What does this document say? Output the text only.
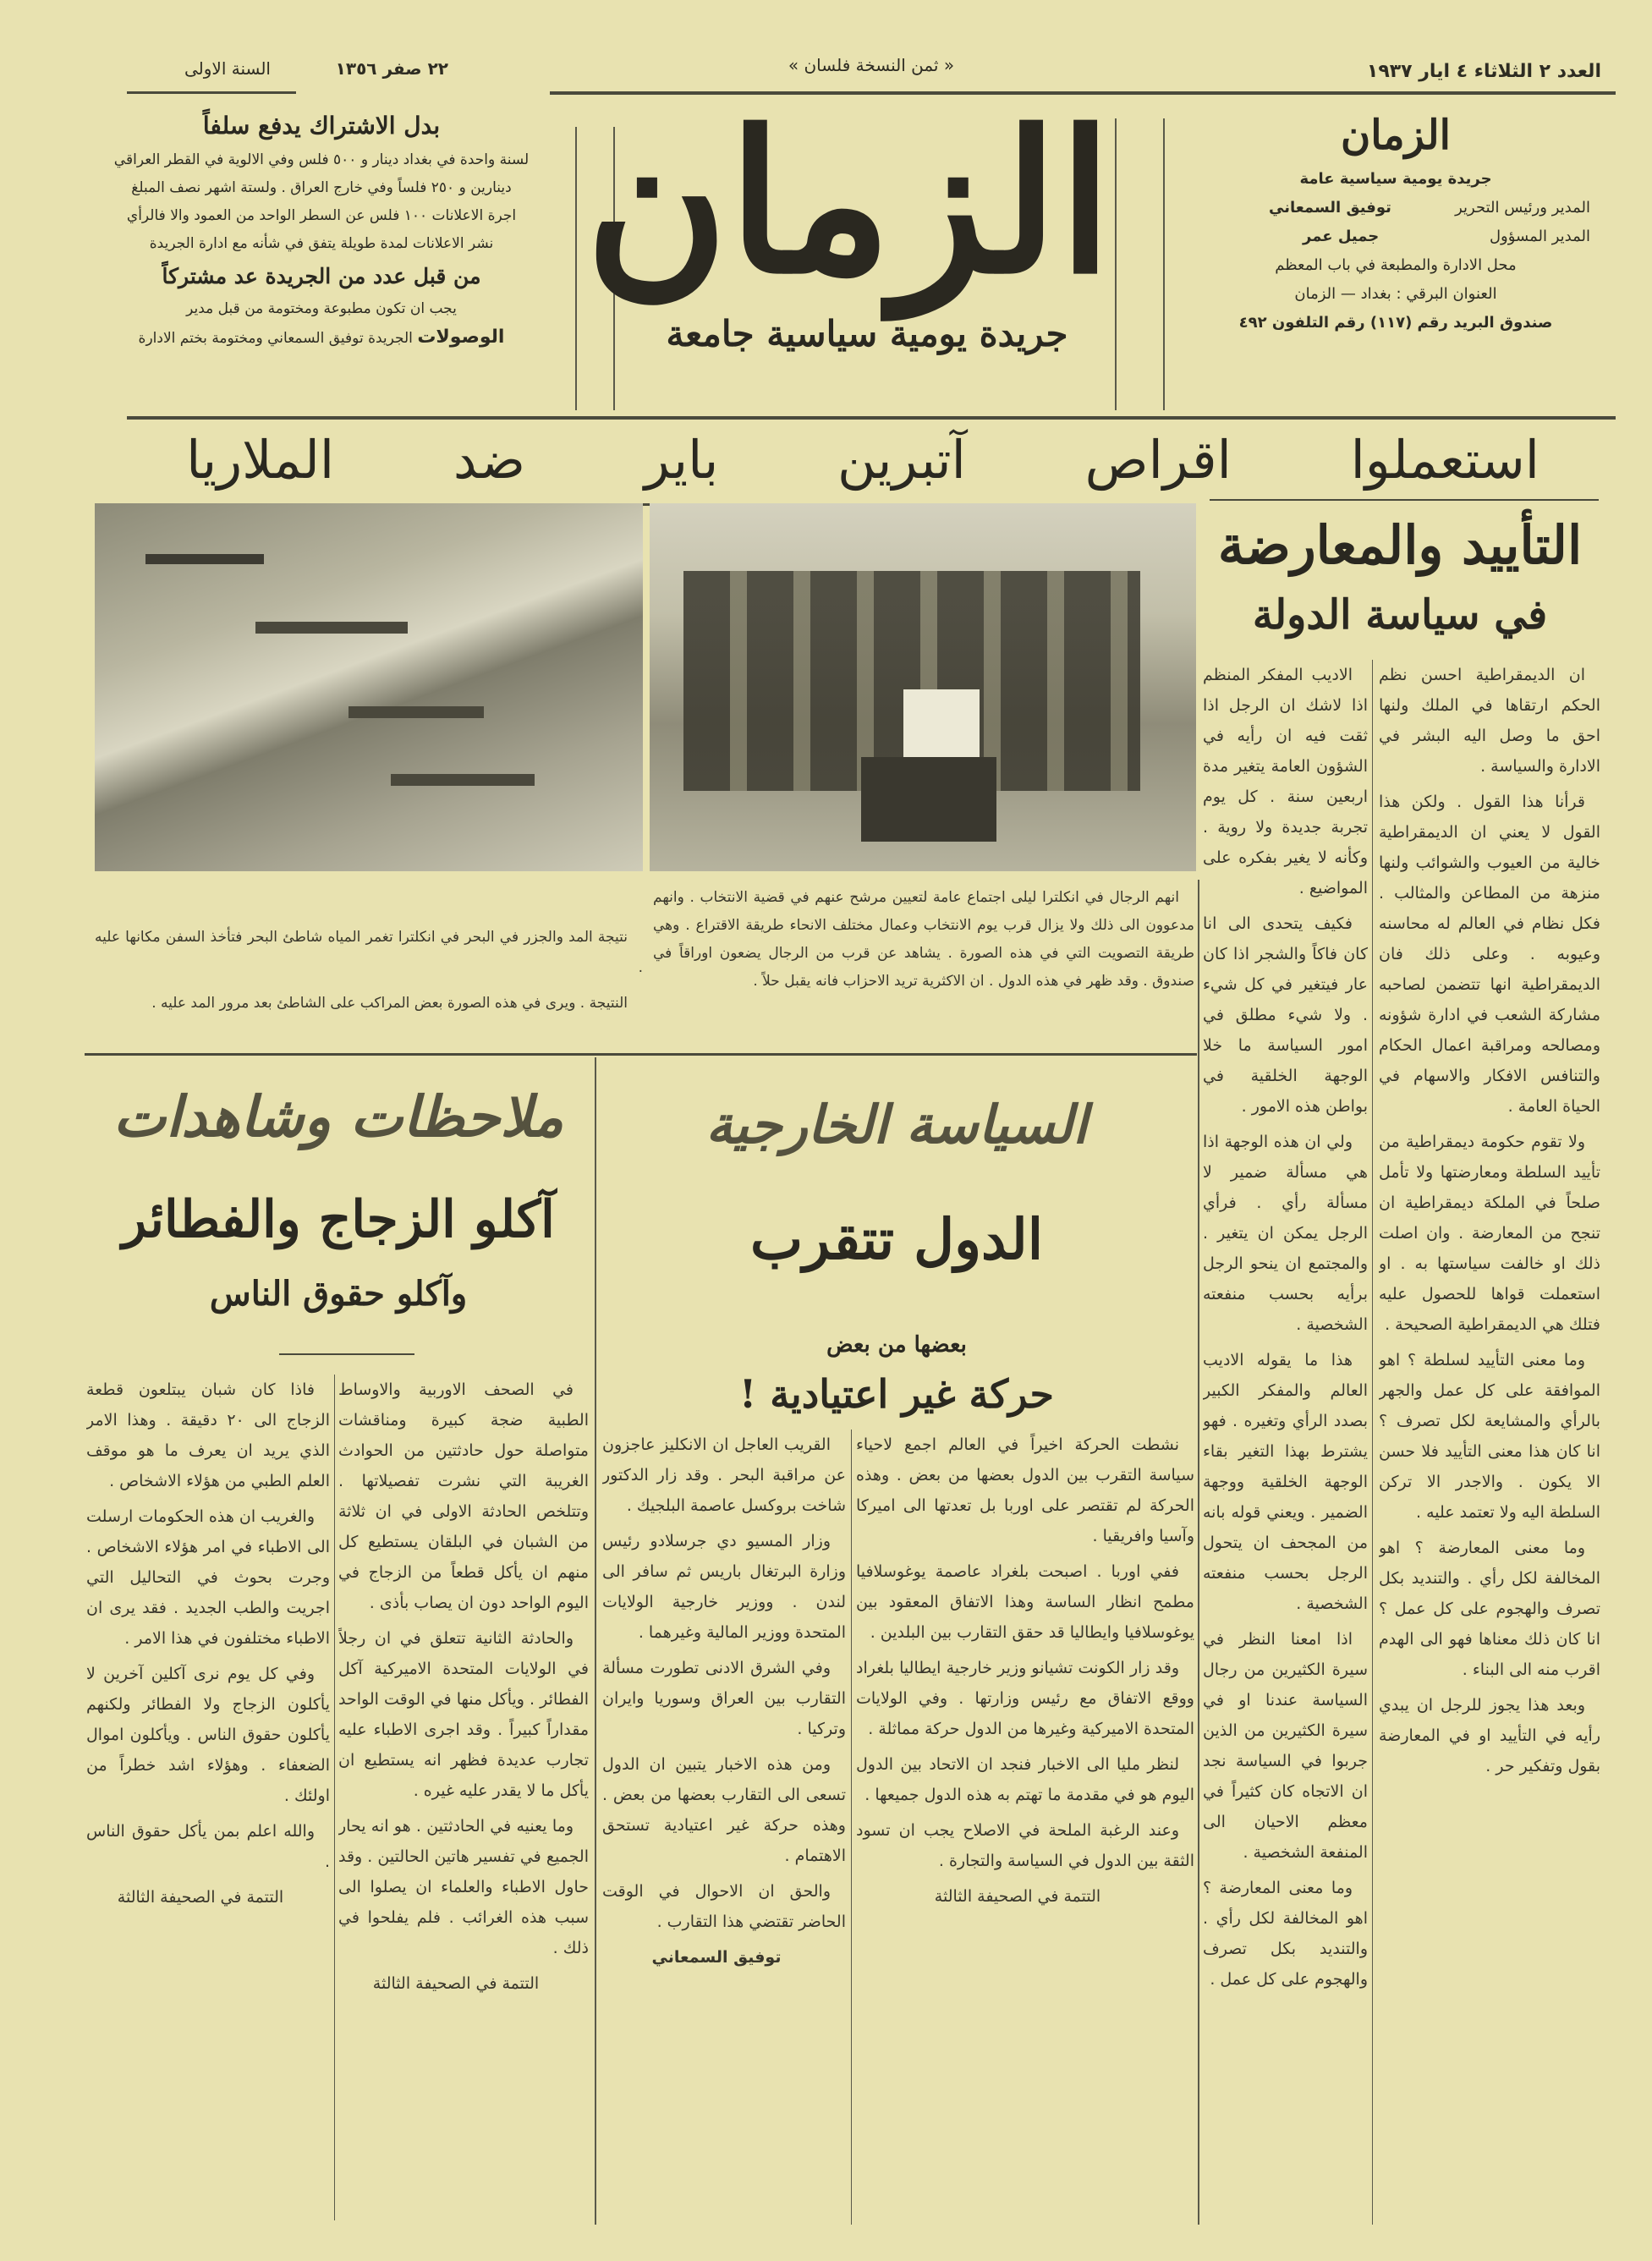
العدد ٢ الثلاثاء ٤ ايار ١٩٣٧
« ثمن النسخة فلسان »
٢٢ صفر ١٣٥٦
السنة الاولى
الزمان
جريدة يومية سياسية عامة
المدير ورئيس التحرير
توفيق السمعاني
المدير المسؤول
جميل عمر
محل الادارة والمطبعة في باب المعظم
العنوان البرقي : بغداد — الزمان
صندوق البريد رقم (١١٧) رقم التلفون ٤٩٢
الزمان
جريدة يومية سياسية جامعة
بدل الاشتراك يدفع سلفاً
لسنة واحدة في بغداد دينار و ٥٠٠ فلس وفي الالوية في القطر العراقي
دينارين و ٢٥٠ فلساً وفي خارج العراق . ولستة اشهر نصف المبلغ
اجرة الاعلانات ١٠٠ فلس عن السطر الواحد من العمود والا فالرأي
نشر الاعلانات لمدة طويلة يتفق في شأنه مع ادارة الجريدة
من قبل عدد من الجريدة عد مشتركاً
يجب ان تكون مطبوعة ومختومة من قبل مدير
الوصولات الجريدة توفيق السمعاني ومختومة بختم الادارة
استعملوا
اقراص
آتبرين
باير
ضد
الملاريا
التأييد والمعارضة
في سياسة الدولة

انهم الرجال في انكلترا ليلى اجتماع عامة لتعيين مرشح عنهم في قضية الانتخاب . وانهم مدعوون الى ذلك ولا يزال قرب يوم الانتخاب وعمال مختلف الانحاء طريقة الاقتراع . وهي طريقة التصويت التي في هذه الصورة . يشاهد عن قرب من الرجال يضعون اوراقاً في صندوق . وقد ظهر في هذه الدول . ان الاكثرية تريد الاحزاب فانه يقبل حلاً .

نتيجة المد والجزر في البحر في انكلترا تغمر المياه شاطئ البحر فتأخذ السفن مكانها عليه .

النتيجة . ويرى في هذه الصورة بعض المراكب على الشاطئ بعد مرور المد عليه .

ان الديمقراطية احسن نظم الحكم ارتقاها في الملك ولنها احق ما وصل اليه البشر في الادارة والسياسة .

قرأنا هذا القول . ولكن هذا القول لا يعني ان الديمقراطية خالية من العيوب والشوائب ولنها منزهة من المطاعن والمثالب . فكل نظام في العالم له محاسنه وعيوبه . وعلى ذلك فان الديمقراطية انها تتضمن لصاحبه مشاركة الشعب في ادارة شؤونه ومصالحه ومراقبة اعمال الحكام والتنافس الافكار والاسهام في الحياة العامة .

ولا تقوم حكومة ديمقراطية من تأييد السلطة ومعارضتها ولا تأمل صلحاً في الملكة ديمقراطية ان تنجح من المعارضة . وان اصلت ذلك او خالفت سياستها به . او استعملت قواها للحصول عليه فتلك هي الديمقراطية الصحيحة .

وما معنى التأييد لسلطة ؟ اهو الموافقة على كل عمل والجهر بالرأي والمشايعة لكل تصرف ؟ انا كان هذا معنى التأييد فلا حسن الا يكون . والاجدر الا تركن السلطة اليه ولا تعتمد عليه .

وما معنى المعارضة ؟ اهو المخالفة لكل رأي . والتنديد بكل تصرف والهجوم على كل عمل ؟ انا كان ذلك معناها فهو الى الهدم اقرب منه الى البناء .

وبعد هذا يجوز للرجل ان يبدي رأيه في التأييد او في المعارضة بقول وتفكير حر .

الاديب المفكر المنظم اذا لاشك ان الرجل اذا ثقت فيه ان رأيه في الشؤون العامة يتغير مدة اربعين سنة . كل يوم تجربة جديدة ولا روية . وكأنه لا يغير بفكره على المواضيع .

فكيف يتحدى الى انا كان فاكاً والشجر اذا كان عار فيتغير في كل شيء . ولا شيء مطلق في امور السياسة ما خلا الوجهة الخلقية في بواطن هذه الامور .

ولي ان هذه الوجهة اذا هي مسألة ضمير لا مسألة رأي . فرأي الرجل يمكن ان يتغير . والمجتمع ان ينحو الرجل برأيه بحسب منفعته الشخصية .

هذا ما يقوله الاديب العالم والمفكر الكبير بصدد الرأي وتغيره . فهو يشترط بهذا التغير بقاء الوجهة الخلقية ووجهة الضمير . ويعني قوله بانه من المجحف ان يتحول الرجل بحسب منفعته الشخصية .

اذا امعنا النظر في سيرة الكثيرين من رجال السياسة عندنا او في سيرة الكثيرين من الذين جربوا في السياسة نجد ان الاتجاه كان كثيراً في معظم الاحيان الى المنفعة الشخصية .

وما معنى المعارضة ؟ اهو المخالفة لكل رأي . والتنديد بكل تصرف والهجوم على كل عمل .

ملاحظات وشاهدات
آكلو الزجاج والفطائر
وآكلو حقوق الناس

في الصحف الاوربية والاوساط الطبية ضجة كبيرة ومناقشات متواصلة حول حادثتين من الحوادث الغريبة التي نشرت تفصيلاتها . وتتلخص الحادثة الاولى في ان ثلاثة من الشبان في البلقان يستطيع كل منهم ان يأكل قطعاً من الزجاج في اليوم الواحد دون ان يصاب بأذى .

والحادثة الثانية تتعلق في ان رجلاً في الولايات المتحدة الاميركية آكل الفطائر . ويأكل منها في الوقت الواحد مقداراً كبيراً . وقد اجرى الاطباء عليه تجارب عديدة فظهر انه يستطيع ان يأكل ما لا يقدر عليه غيره .

وما يعنيه في الحادثتين . هو انه يحار الجميع في تفسير هاتين الحالتين . وقد حاول الاطباء والعلماء ان يصلوا الى سبب هذه الغرائب . فلم يفلحوا في ذلك .

التتمة في الصحيفة الثالثة

فاذا كان شبان يبتلعون قطعة الزجاج الى ٢٠ دقيقة . وهذا الامر الذي يريد ان يعرف ما هو موقف العلم الطبي من هؤلاء الاشخاص .

والغريب ان هذه الحكومات ارسلت الى الاطباء في امر هؤلاء الاشخاص . وجرت بحوث في التحاليل التي اجريت والطب الجديد . فقد يرى ان الاطباء مختلفون في هذا الامر .

وفي كل يوم نرى آكلين آخرين لا يأكلون الزجاج ولا الفطائر ولكنهم يأكلون حقوق الناس . ويأكلون اموال الضعفاء . وهؤلاء اشد خطراً من اولئك .

والله اعلم بمن يأكل حقوق الناس .

التتمة في الصحيفة الثالثة

السياسة الخارجية
الدول تتقرب
بعضها من بعض
حركة غير اعتيادية !

نشطت الحركة اخيراً في العالم اجمع لاحياء سياسة التقرب بين الدول بعضها من بعض . وهذه الحركة لم تقتصر على اوربا بل تعدتها الى اميركا وآسيا وافريقيا .

ففي اوربا . اصبحت بلغراد عاصمة يوغوسلافيا مطمح انظار الساسة وهذا الاتفاق المعقود بين يوغوسلافيا وايطاليا قد حقق التقارب بين البلدين .

وقد زار الكونت تشيانو وزير خارجية ايطاليا بلغراد ووقع الاتفاق مع رئيس وزارتها . وفي الولايات المتحدة الاميركية وغيرها من الدول حركة مماثلة .

لنظر مليا الى الاخبار فنجد ان الاتحاد بين الدول اليوم هو في مقدمة ما تهتم به هذه الدول جميعها .

وعند الرغبة الملحة في الاصلاح يجب ان تسود الثقة بين الدول في السياسة والتجارة .

التتمة في الصحيفة الثالثة

القريب العاجل ان الانكليز عاجزون عن مراقبة البحر . وقد زار الدكتور شاخت بروكسل عاصمة البلجيك .

وزار المسيو دي جرسلادو رئيس وزارة البرتغال باريس ثم سافر الى لندن . ووزير خارجية الولايات المتحدة ووزير المالية وغيرهما .

وفي الشرق الادنى تطورت مسألة التقارب بين العراق وسوريا وايران وتركيا .

ومن هذه الاخبار يتبين ان الدول تسعى الى التقارب بعضها من بعض . وهذه حركة غير اعتيادية تستحق الاهتمام .

والحق ان الاحوال في الوقت الحاضر تقتضي هذا التقارب .

توفيق السمعاني
